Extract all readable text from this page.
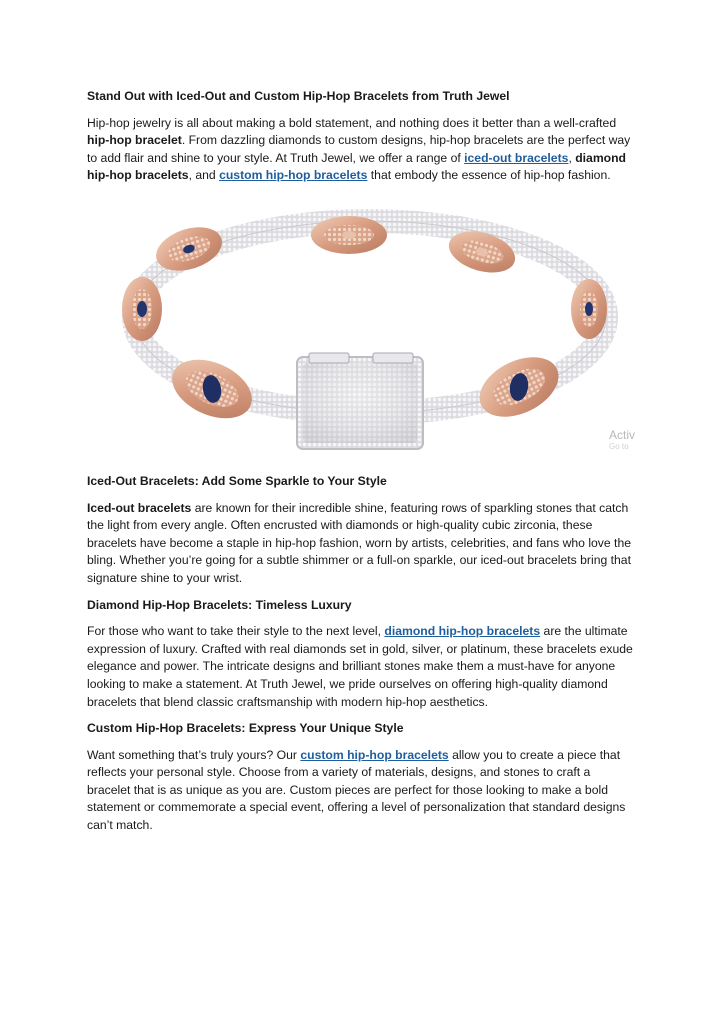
Stand Out with Iced-Out and Custom Hip-Hop Bracelets from Truth Jewel

Hip-hop jewelry is all about making a bold statement, and nothing does it better than a well-crafted hip-hop bracelet. From dazzling diamonds to custom designs, hip-hop bracelets are the perfect way to add flair and shine to your style. At Truth Jewel, we offer a range of iced-out bracelets, diamond hip-hop bracelets, and custom hip-hop bracelets that embody the essence of hip-hop fashion.

Activ
Go to
Iced-Out Bracelets: Add Some Sparkle to Your Style

Iced-out bracelets are known for their incredible shine, featuring rows of sparkling stones that catch the light from every angle. Often encrusted with diamonds or high-quality cubic zirconia, these bracelets have become a staple in hip-hop fashion, worn by artists, celebrities, and fans who love the bling. Whether you’re going for a subtle shimmer or a full-on sparkle, our iced-out bracelets bring that signature shine to your wrist.

Diamond Hip-Hop Bracelets: Timeless Luxury

For those who want to take their style to the next level, diamond hip-hop bracelets are the ultimate expression of luxury. Crafted with real diamonds set in gold, silver, or platinum, these bracelets exude elegance and power. The intricate designs and brilliant stones make them a must-have for anyone looking to make a statement. At Truth Jewel, we pride ourselves on offering high-quality diamond bracelets that blend classic craftsmanship with modern hip-hop aesthetics.

Custom Hip-Hop Bracelets: Express Your Unique Style

Want something that’s truly yours? Our custom hip-hop bracelets allow you to create a piece that reflects your personal style. Choose from a variety of materials, designs, and stones to craft a bracelet that is as unique as you are. Custom pieces are perfect for those looking to make a bold statement or commemorate a special event, offering a level of personalization that standard designs can’t match.
